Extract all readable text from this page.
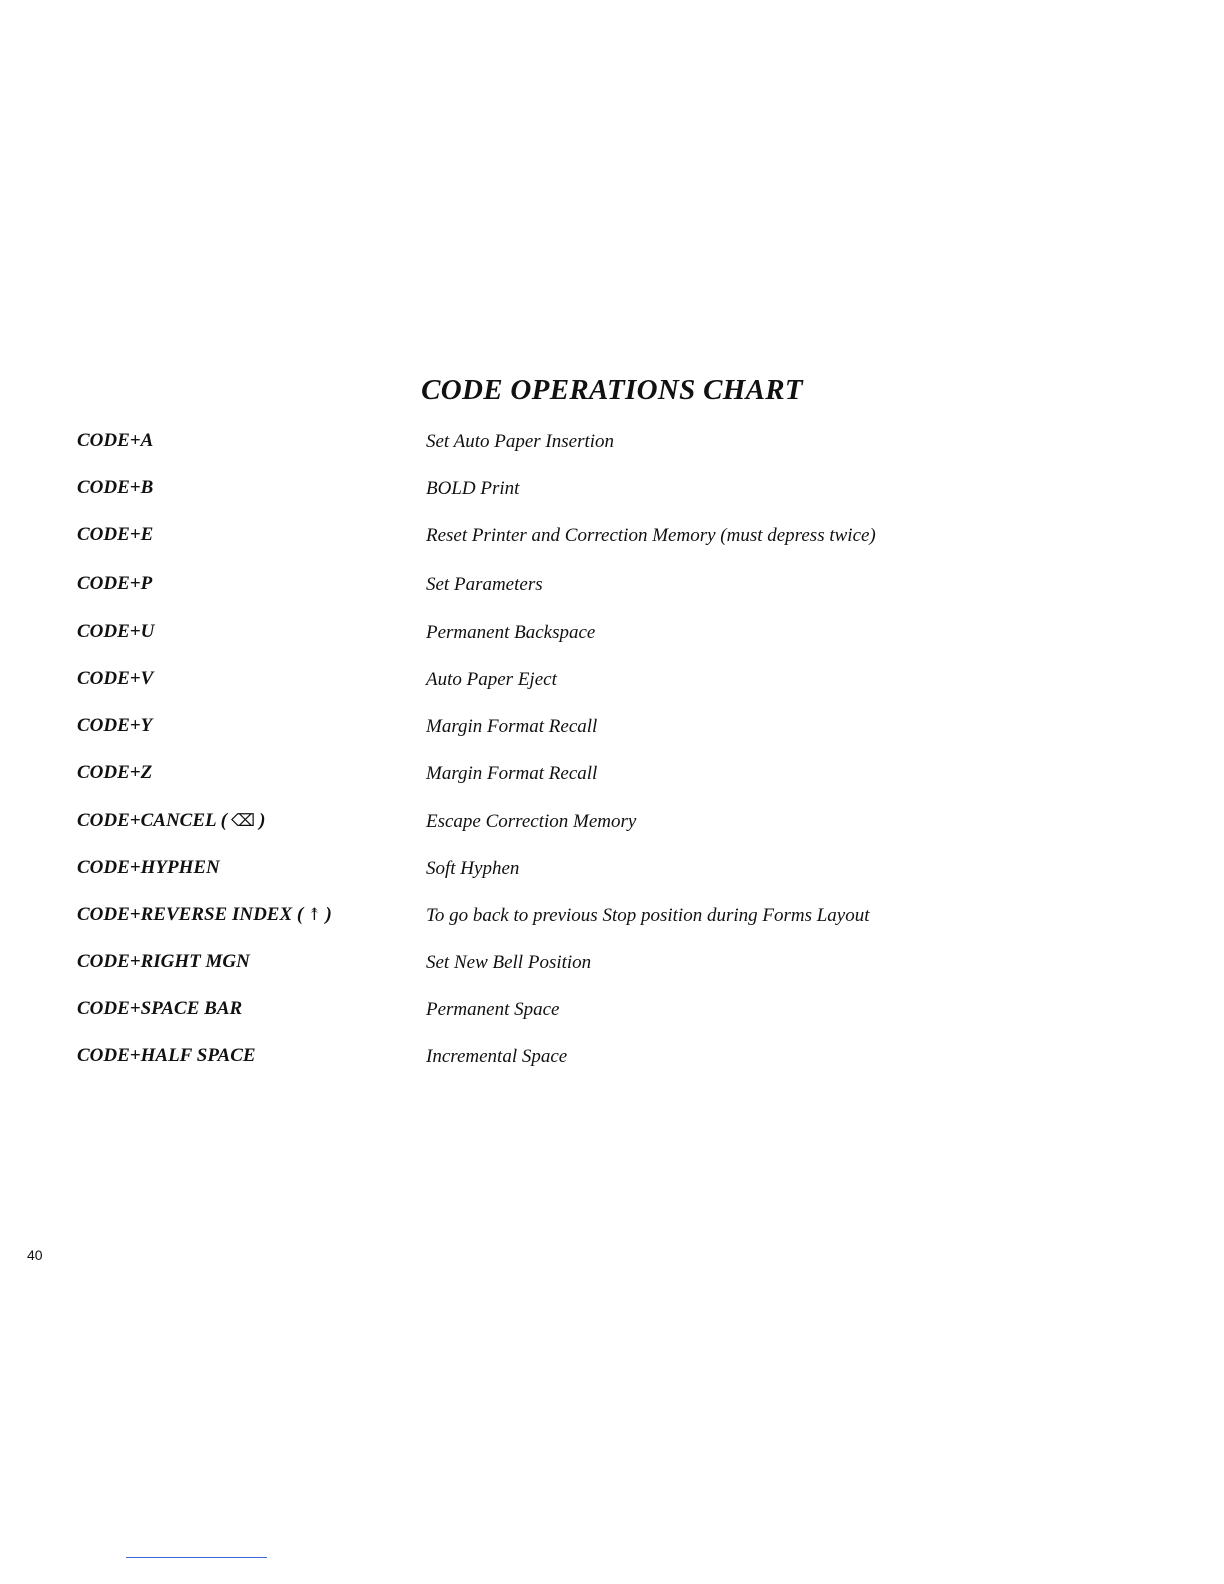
CODE OPERATIONS CHART
CODE+A	Set Auto Paper Insertion
CODE+B	BOLD Print
CODE+E	Reset Printer and Correction Memory (must depress twice)
CODE+P	Set Parameters
CODE+U	Permanent Backspace
CODE+V	Auto Paper Eject
CODE+Y	Margin Format Recall
CODE+Z	Margin Format Recall
CODE+CANCEL ( ⌫ )	Escape Correction Memory
CODE+HYPHEN	Soft Hyphen
CODE+REVERSE INDEX ( ↟ )	To go back to previous Stop position during Forms Layout
CODE+RIGHT MGN	Set New Bell Position
CODE+SPACE BAR	Permanent Space
CODE+HALF SPACE	Incremental Space
40
